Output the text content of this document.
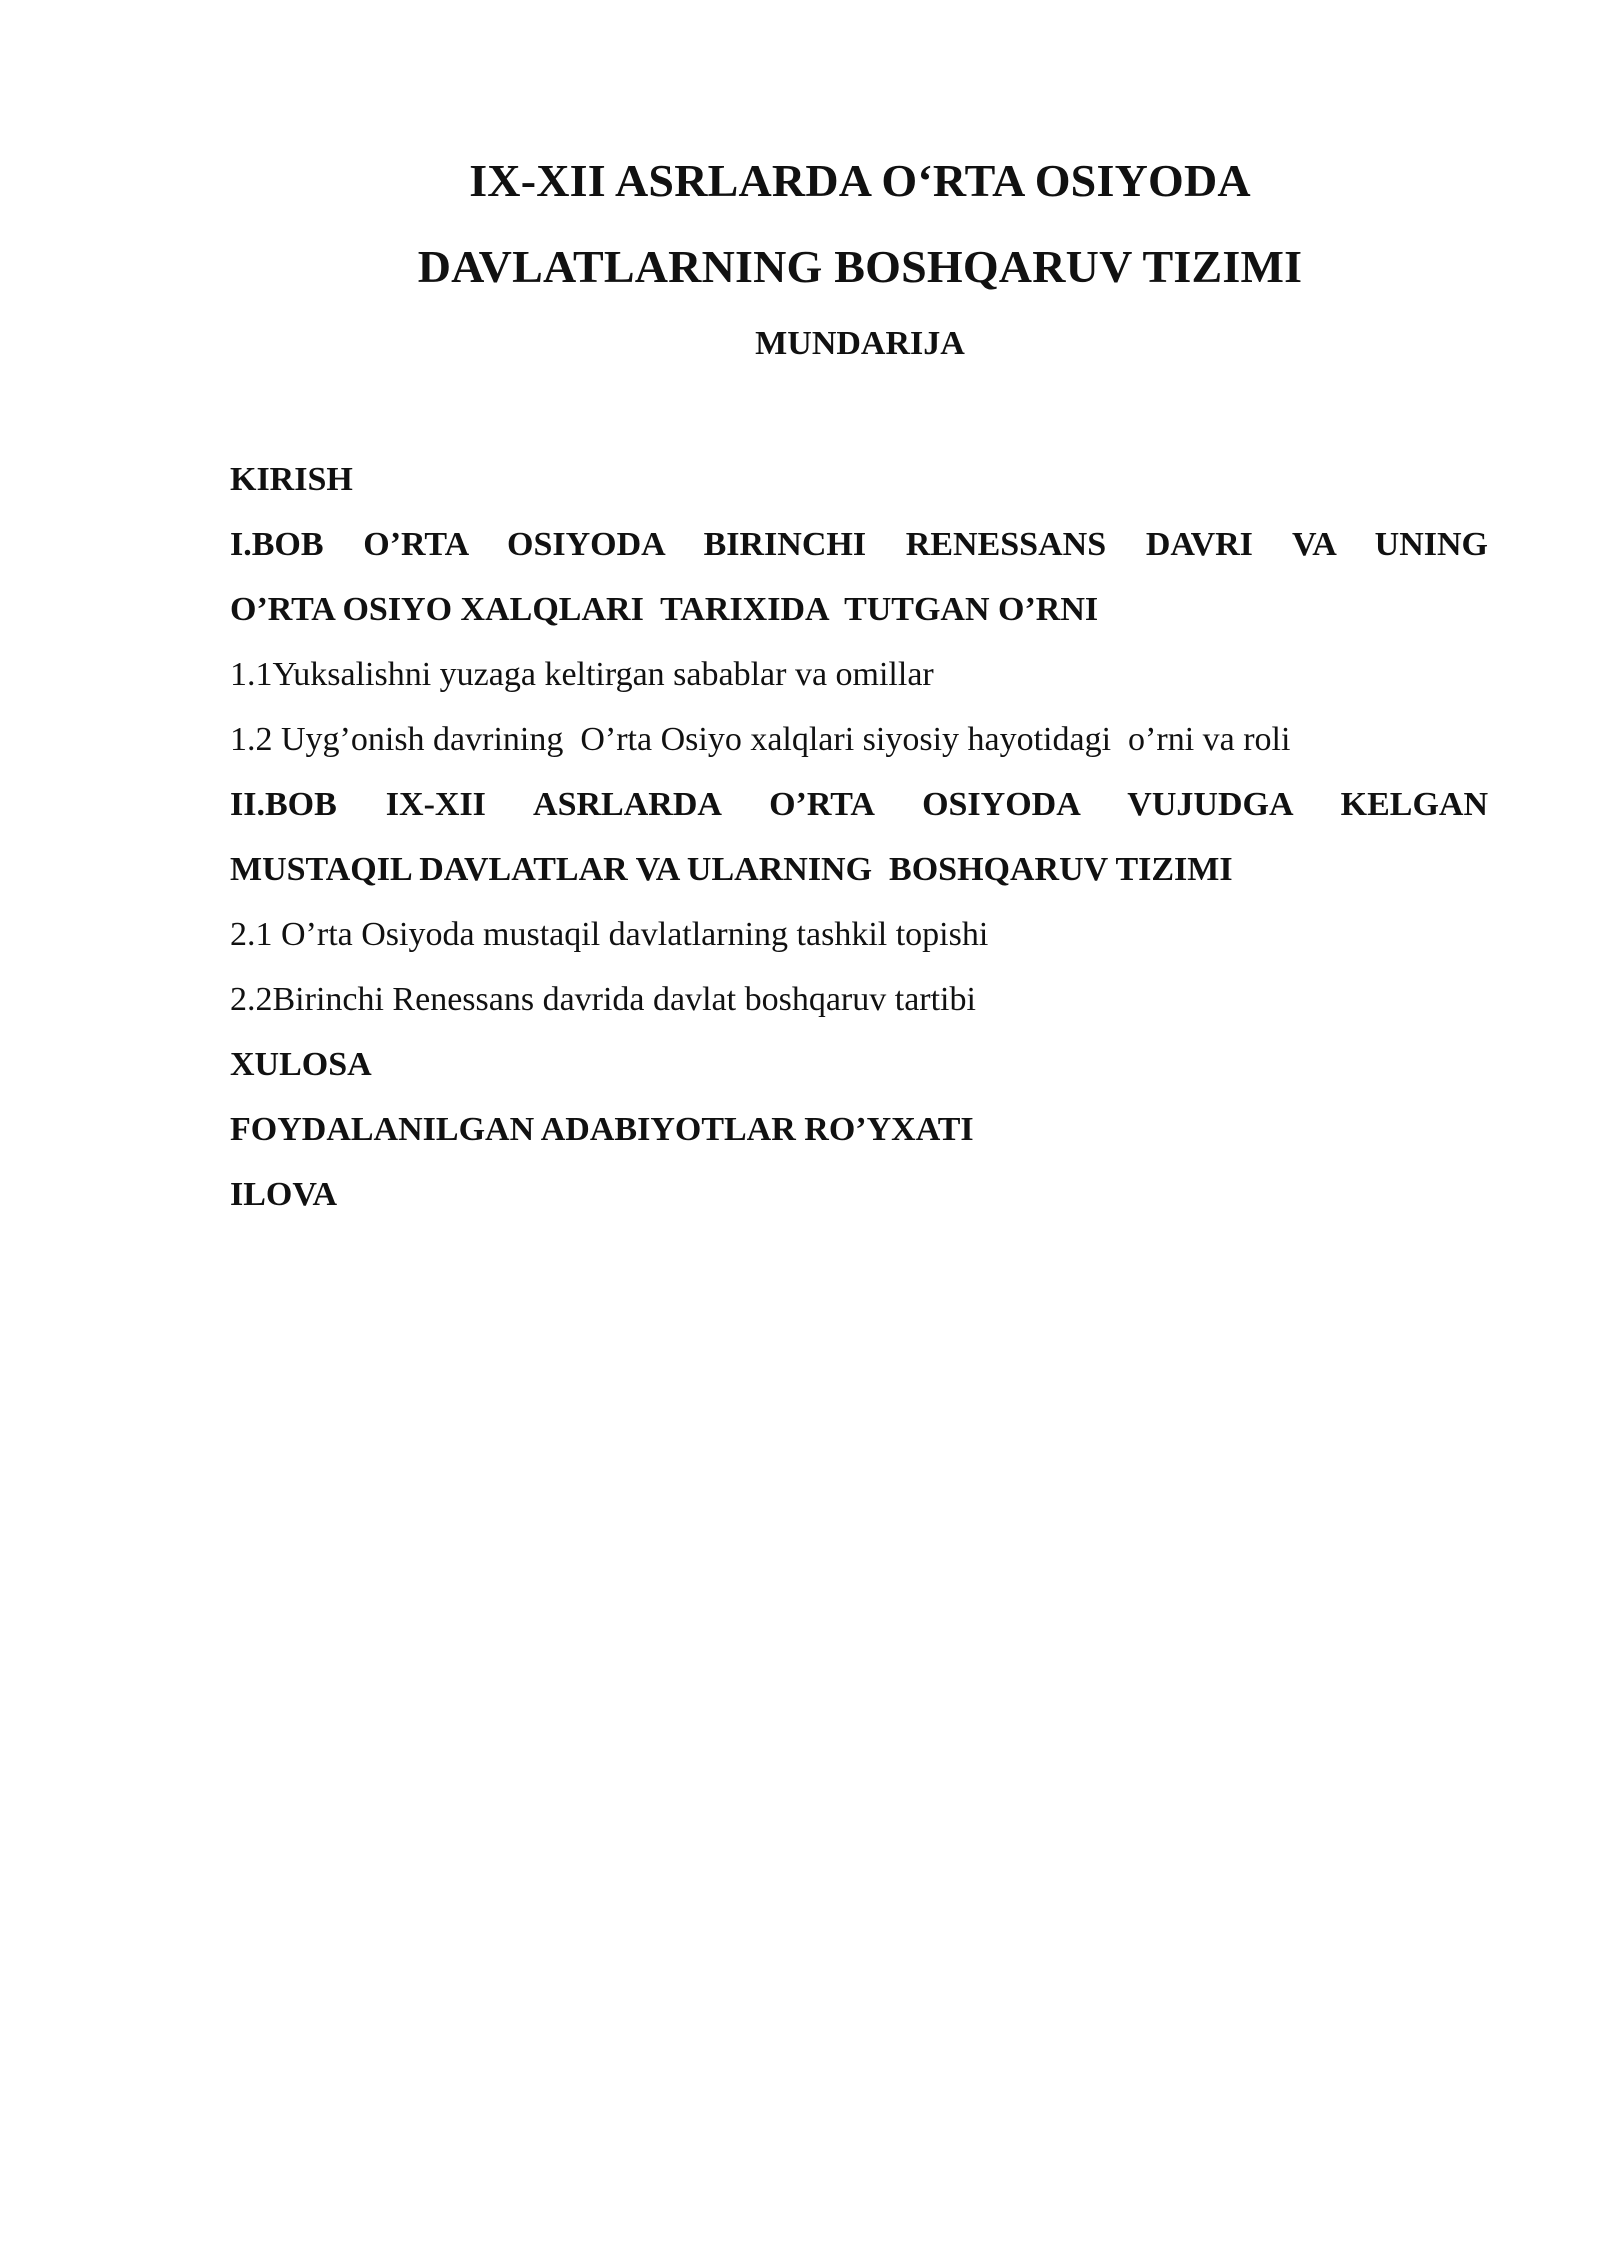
IX-XII ASRLARDA O‘RTA OSIYODA
DAVLATLARNING BOSHQARUV TIZIMI
MUNDARIJA
KIRISH
I.BOB O’RTA OSIYODA BIRINCHI RENESSANS DAVRI VA UNING
O’RTA OSIYO XALQLARI  TARIXIDA  TUTGAN O’RNI
1.1Yuksalishni yuzaga keltirgan sabablar va omillar
1.2 Uyg’onish davrining  O’rta Osiyo xalqlari siyosiy hayotidagi  o’rni va roli
II.BOB IX-XII ASRLARDA O’RTA OSIYODA VUJUDGA KELGAN
MUSTAQIL DAVLATLAR VA ULARNING  BOSHQARUV TIZIMI
2.1 O’rta Osiyoda mustaqil davlatlarning tashkil topishi
2.2Birinchi Renessans davrida davlat boshqaruv tartibi
XULOSA
FOYDALANILGAN ADABIYOTLAR RO’YXATI
ILOVA
